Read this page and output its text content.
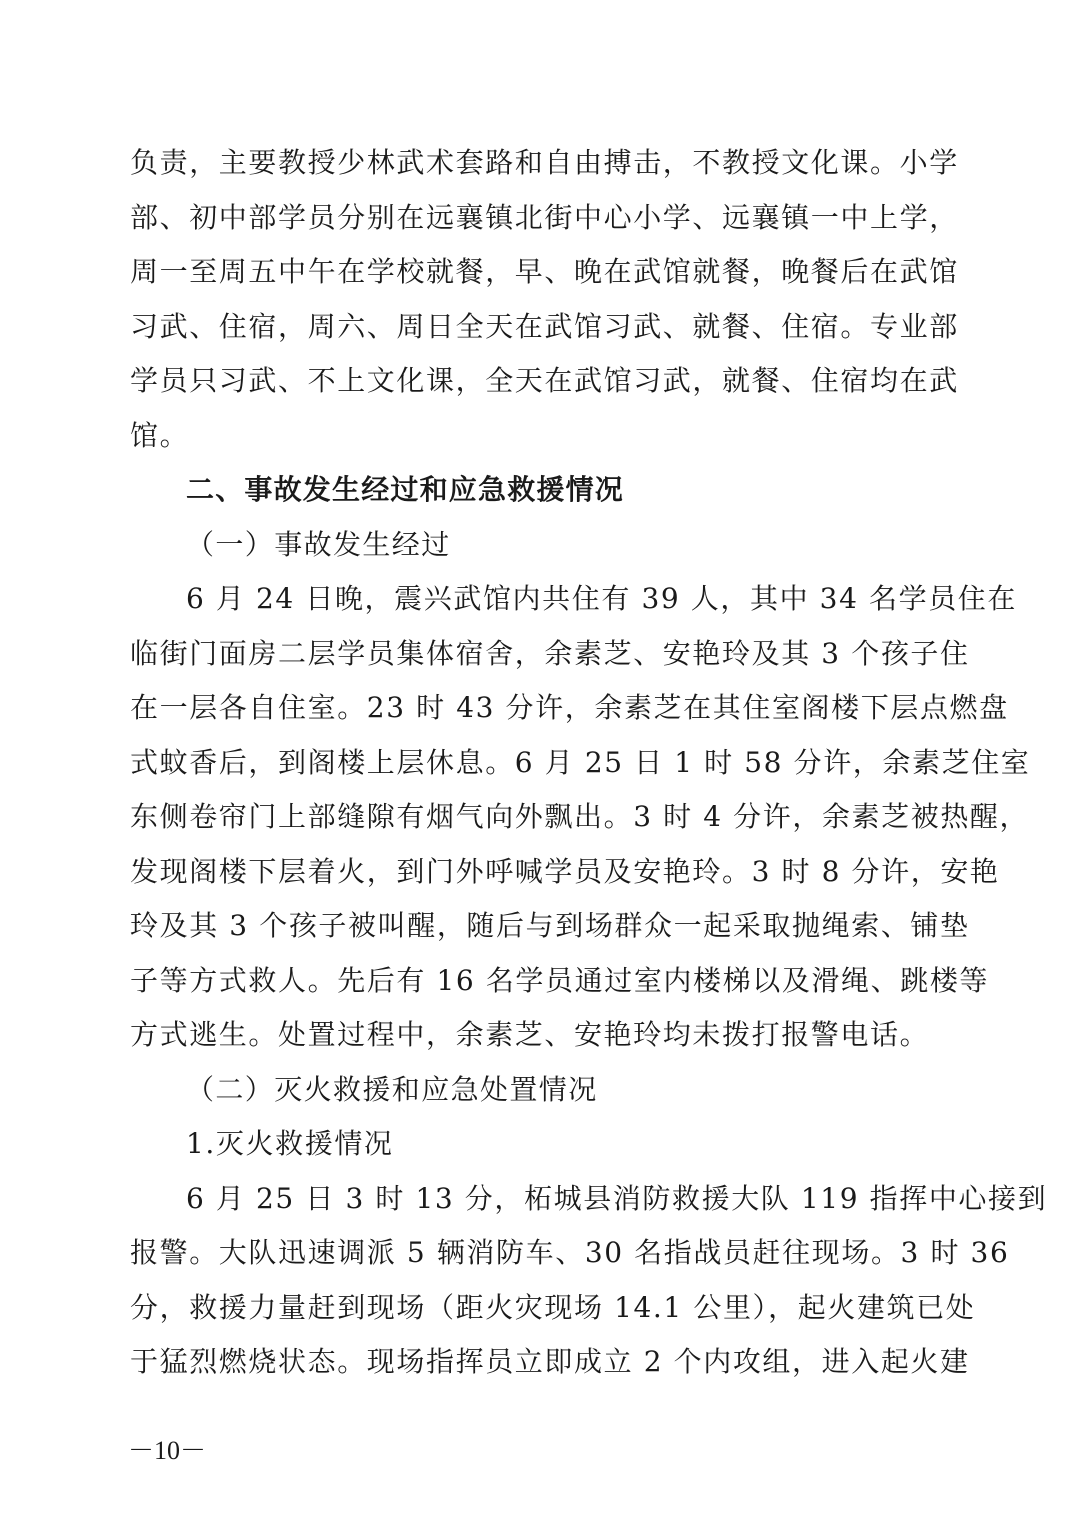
负责，主要教授少林武术套路和自由搏击，不教授文化课。小学
部、初中部学员分别在远襄镇北街中心小学、远襄镇一中上学，
周一至周五中午在学校就餐，早、晚在武馆就餐，晚餐后在武馆
习武、住宿，周六、周日全天在武馆习武、就餐、住宿。专业部
学员只习武、不上文化课，全天在武馆习武，就餐、住宿均在武
馆。
二、事故发生经过和应急救援情况
（一）事故发生经过
6 月 24 日晚，震兴武馆内共住有 39 人，其中 34 名学员住在
临街门面房二层学员集体宿舍，余素芝、安艳玲及其 3 个孩子住
在一层各自住室。23 时 43 分许，余素芝在其住室阁楼下层点燃盘
式蚊香后，到阁楼上层休息。6 月 25 日 1 时 58 分许，余素芝住室
东侧卷帘门上部缝隙有烟气向外飘出。3 时 4 分许，余素芝被热醒，
发现阁楼下层着火，到门外呼喊学员及安艳玲。3 时 8 分许，安艳
玲及其 3 个孩子被叫醒，随后与到场群众一起采取抛绳索、铺垫
子等方式救人。先后有 16 名学员通过室内楼梯以及滑绳、跳楼等
方式逃生。处置过程中，余素芝、安艳玲均未拨打报警电话。
（二）灭火救援和应急处置情况
1.灭火救援情况
6 月 25 日 3 时 13 分，柘城县消防救援大队 119 指挥中心接到
报警。大队迅速调派 5 辆消防车、30 名指战员赶往现场。3 时 36
分，救援力量赶到现场（距火灾现场 14.1 公里），起火建筑已处
于猛烈燃烧状态。现场指挥员立即成立 2 个内攻组，进入起火建
－10－
